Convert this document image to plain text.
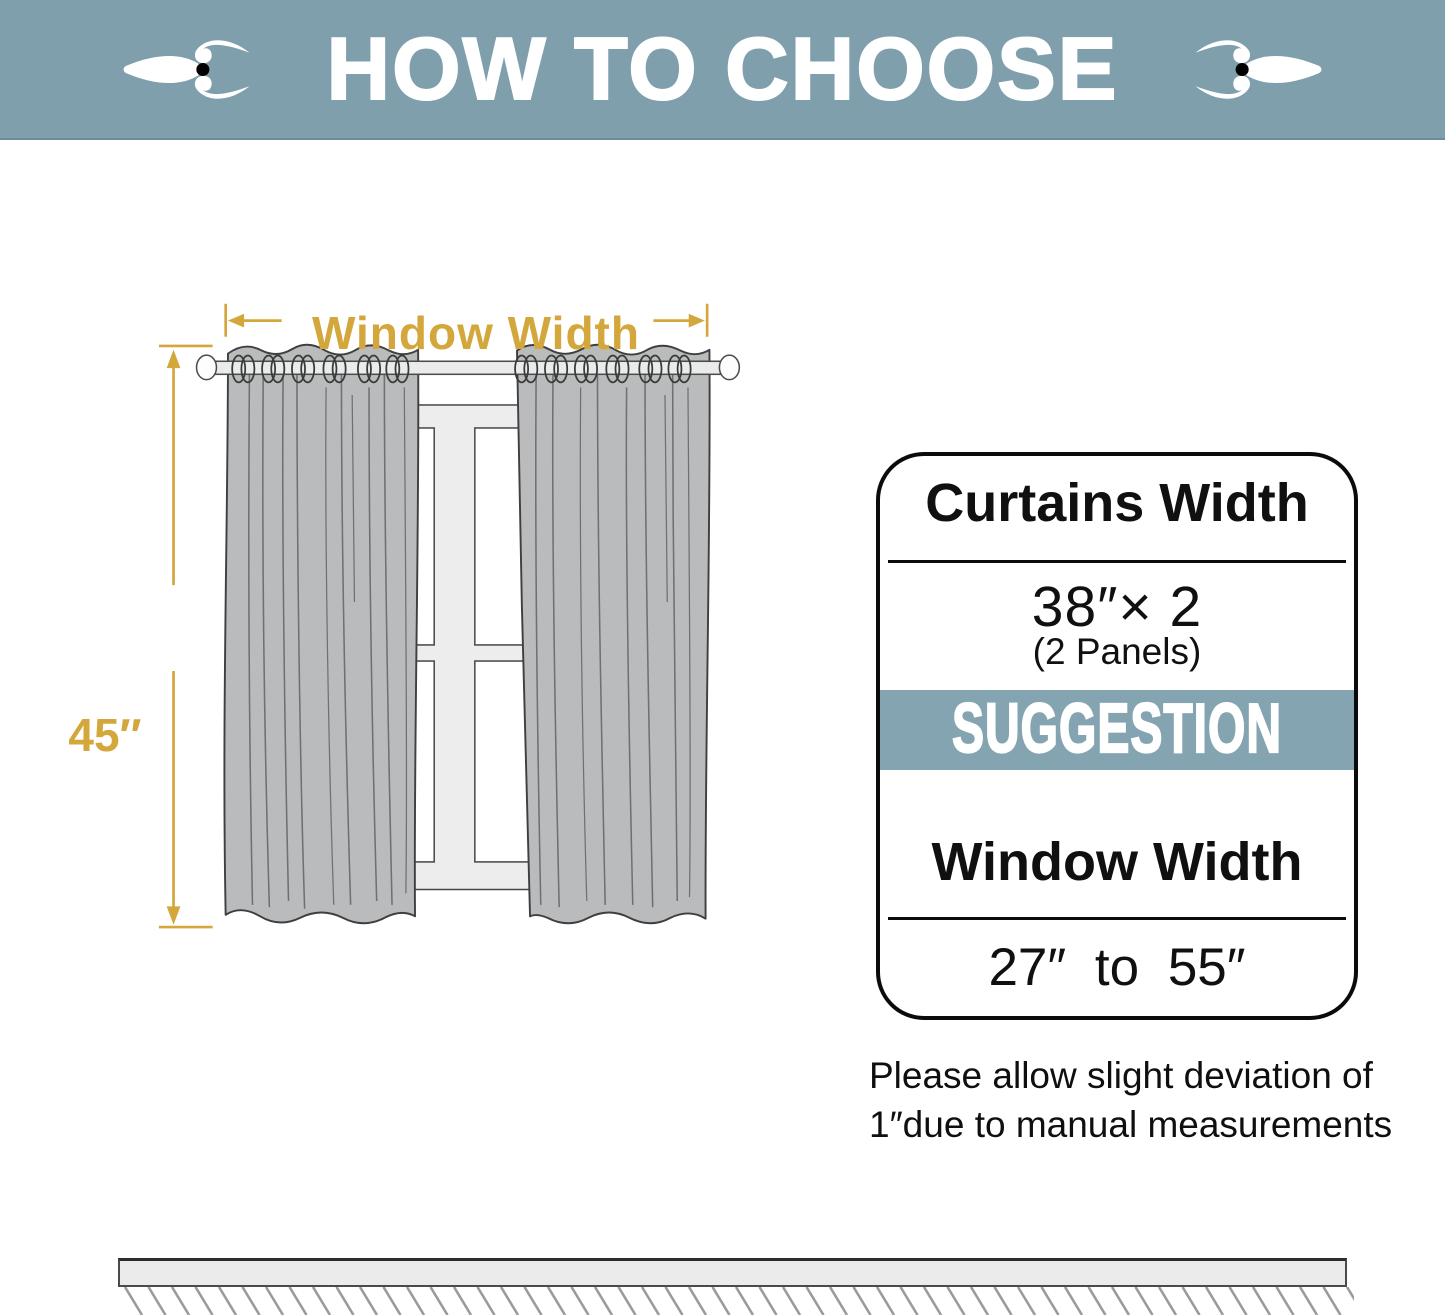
HOW TO CHOOSE
Window Width
45″
Curtains Width
38″× 2
(2 Panels)
SUGGESTION
Window Width
27″ to 55″
Please allow slight deviation of
1″due to manual measurements
